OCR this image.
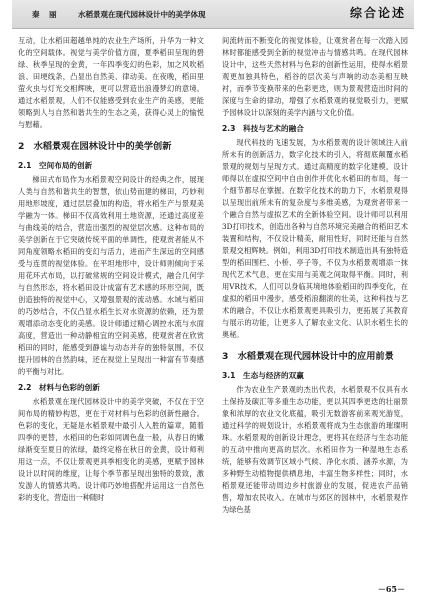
秦　丽	水稻景观在现代园林设计中的美学体现	综合论述

互动，让水稻田超越单纯的农业生产场所，升华为一种文化的空间载体。视觉与美学价值方面，夏季稻田呈现的碧绿、秋季呈现的金黄，一年四季变幻的色彩，加之风吹稻浪、田埂线条，凸显出自然美、律动美。在夜晚，稻田里萤火虫与灯光交相辉映，更可以营造出浪漫梦幻的意境。通过水稻景观，人们不仅能感受到农业生产的美感，更能领略到人与自然和谐共生的生态之美，获得心灵上的愉悦与慰藉。

2　水稻景观在园林设计中的美学创新
2.1　空间布局的创新

梯田式布局作为水稻景观空间设计的经典之作，展现人类与自然和谐共生的智慧，依山势而建的梯田，巧妙利用地形坡度，通过层层叠加的构造，将水稻生产与景观美学融为一体。梯田不仅高效利用土地资源，还通过高度差与曲线美的结合，营造出强烈的视觉层次感。这种布局的美学创新在于它突破传统平面的单调性，使观赏者能从不同角度领略水稻田的变幻与活力，进而产生深远的空间感受与连贯的视觉体验。在平坦地形中，设计师则倾向于采用花环式布局，以打破常规的空间设计模式，融合几何学与自然形态，将水稻田设计成富有艺术感的环形空间，既创造独特的视觉中心，又增强景观的流动感。水域与稻田的巧妙结合，不仅凸显水稻生长对水资源的依赖，还为景观增添动态变化的美感。设计师通过精心调控水流与水面高度，营造出一种动静相宜的空间美感，使观赏者在欣赏稻田的同时，能感受到静谧与动态并存的独特氛围，不仅提升园林的自然韵味，还在视觉上呈现出一种富有节奏感的平衡与对比。

2.2　材料与色彩的创新

水稻景观在现代园林设计中的美学突破，不仅在于空间布局的精妙构思，更在于对材料与色彩的创新性融合。色彩的变化，无疑是水稻景观中最引人入胜的篇章，随着四季的更替，水稻田的色彩如同调色盘一般，从春日的嫩绿渐变至夏日的浓绿，最终定格在秋日的金黄，设计师利用这一点，不仅让景观更具季相变化的美感，更赋予园林设计以时间的维度，让每个季节都呈现出独特的景致，激发游人的情感共鸣。设计师巧妙地搭配并运用这一自然色彩的变化，营造出一种随时

间流转而不断变化的视觉体验，让观赏者在每一次踏入园林时都能感受到全新的视觉冲击与情感共鸣。在现代园林设计中，这些天然材料与色彩的创新性运用，使得水稻景观更加独具特色，稻谷的层次美与声响的动态美相互映衬，而季节变换带来的色彩更迭，则为景观营造出时间的深度与生命的律动，增强了水稻景观的视觉吸引力，更赋予园林设计以深刻的美学内涵与文化价值。

2.3　科技与艺术的融合

现代科技的飞速发展，为水稻景观的设计领域注入前所未有的创新活力，数字化技术的引入，将彻底颠覆水稻景观的规划与呈现方式。通过高精度的数字化建模，设计师得以在虚拟空间中自由创作并优化水稻田的布局，每一个细节都尽在掌握。在数字化技术的助力下，水稻景观得以呈现出前所未有的复杂度与多维美感，为观赏者带来一个融合自然与虚拟艺术的全新体验空间。设计师可以利用3D打印技术，创造出各种与自然环境完美融合的稻田艺术装置和结构，不仅设计精美，耐用性好，同时还能与自然景观交相辉映。例如，利用3D打印技术制造出具有独特造型的稻田围栏、小桥、亭子等，不仅为水稻景观增添一抹现代艺术气息，更在实用与美观之间取得平衡。同时，利用VR技术，人们可以身临其境地体验稻田的四季变化，在虚拟的稻田中漫步，感受稻浪翻滚的壮美，这种科技与艺术的融合，不仅让水稻景观更具吸引力，更拓展了其教育与展示的功能，让更多人了解农业文化、认识水稻生长的奥秘。

3　水稻景观在现代园林设计中的应用前景
3.1　生态与经济的双赢

作为农业生产景观的杰出代表，水稻景观不仅具有水土保持及碳汇等多重生态功能，更以其四季更迭的壮丽景象和浓厚的农业文化底蕴，吸引无数游客前来观光游览，通过科学的规划设计，水稻景观将成为生态旅游的璀璨明珠。水稻景观的创新设计理念，更将其在经济与生态功能的互动中推向更高的层次。水稻田作为一种湿地生态系统，能够有效调节区域小气候、净化水质、涵养水源，为多种野生动植物提供栖息地，丰富生物多样性；同时，水稻景观还能带动周边乡村旅游业的发展，促进农产品销售，增加农民收入。在城市与郊区的园林中，水稻景观作为绿色基

－65－
